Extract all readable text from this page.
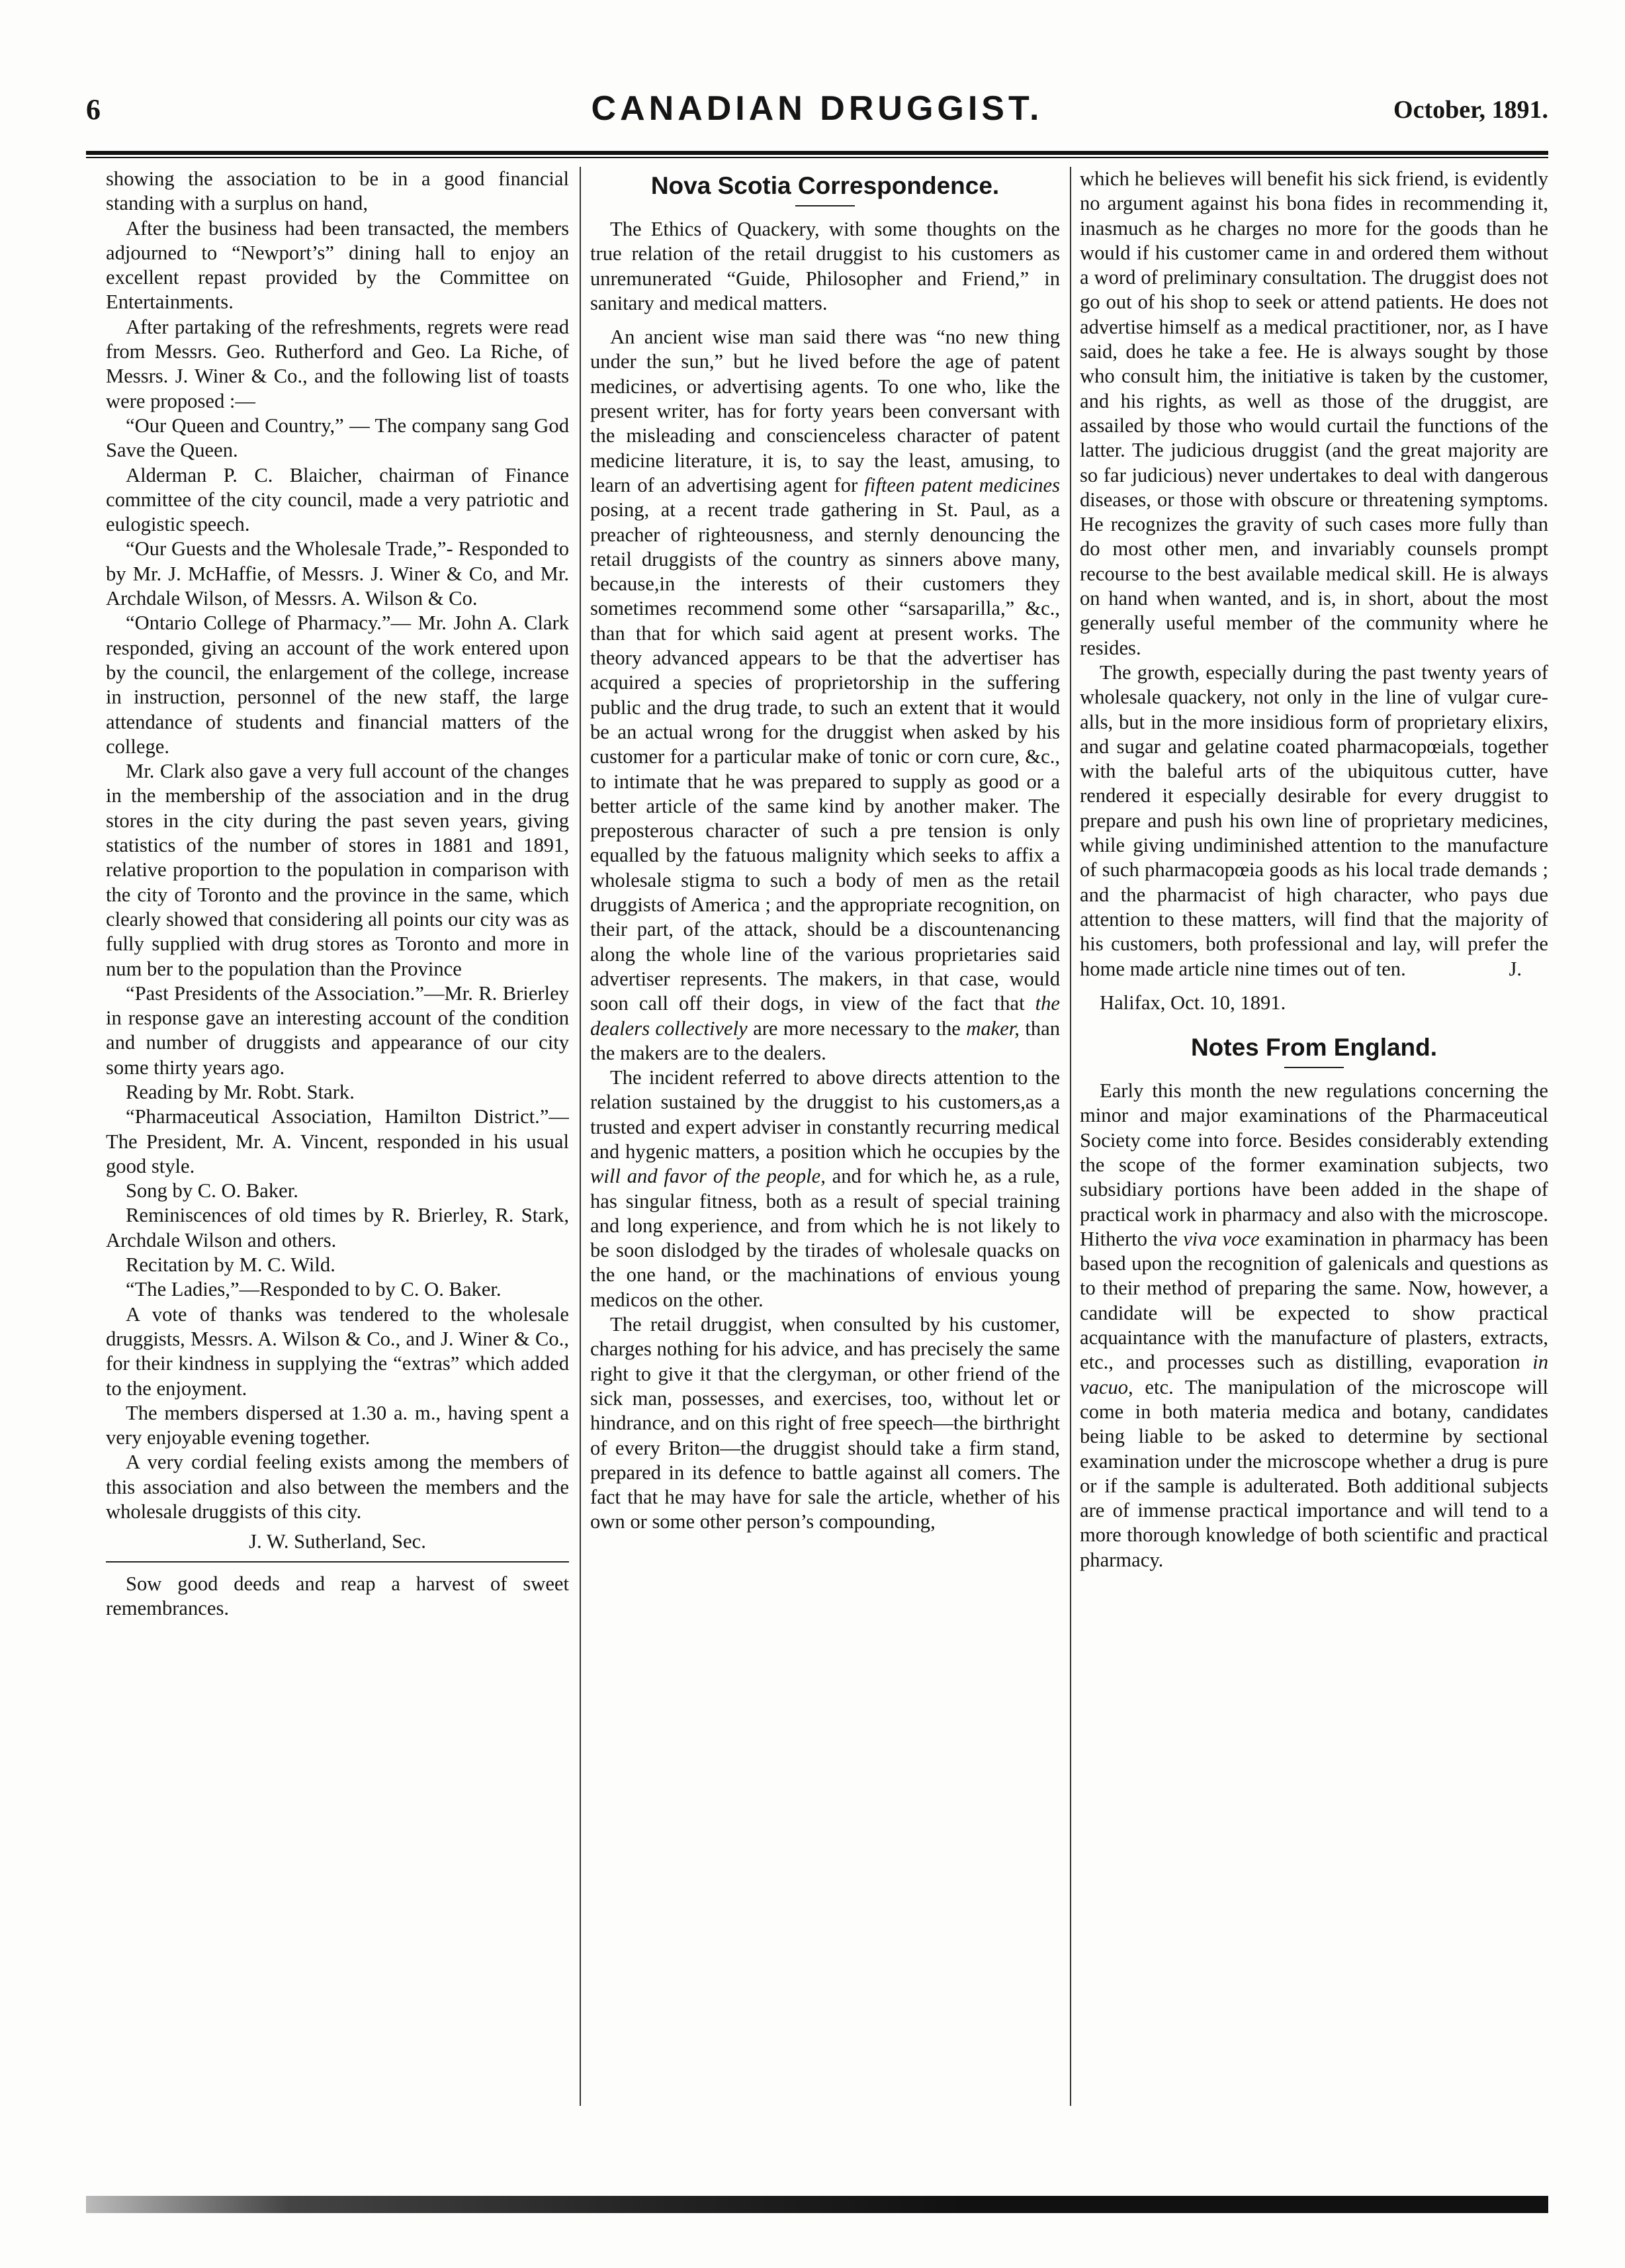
6	CANADIAN DRUGGIST.	October, 1891.

showing the association to be in a good financial standing with a surplus on hand,

After the business had been transacted, the members adjourned to “Newport’s” dining hall to enjoy an excellent repast provided by the Committee on Entertainments.

After partaking of the refreshments, regrets were read from Messrs. Geo. Rutherford and Geo. La Riche, of Messrs. J. Winer & Co., and the following list of toasts were proposed :—

“Our Queen and Country,” — The company sang God Save the Queen.

Alderman P. C. Blaicher, chairman of Finance committee of the city council, made a very patriotic and eulogistic speech.

“Our Guests and the Wholesale Trade,”- Responded to by Mr. J. McHaffie, of Messrs. J. Winer & Co, and Mr. Archdale Wilson, of Messrs. A. Wilson & Co.

“Ontario College of Pharmacy.”— Mr. John A. Clark responded, giving an account of the work entered upon by the council, the enlargement of the college, increase in instruction, personnel of the new staff, the large attendance of students and financial matters of the college.

Mr. Clark also gave a very full account of the changes in the membership of the association and in the drug stores in the city during the past seven years, giving statistics of the number of stores in 1881 and 1891, relative proportion to the population in comparison with the city of Toronto and the province in the same, which clearly showed that considering all points our city was as fully supplied with drug stores as Toronto and more in num ber to the population than the Province

“Past Presidents of the Association.”—Mr. R. Brierley in response gave an interesting account of the condition and number of druggists and appearance of our city some thirty years ago.

Reading by Mr. Robt. Stark.

“Pharmaceutical Association, Hamilton District.”—The President, Mr. A. Vincent, responded in his usual good style.

Song by C. O. Baker.

Reminiscences of old times by R. Brierley, R. Stark, Archdale Wilson and others.

Recitation by M. C. Wild.

“The Ladies,”—Responded to by C. O. Baker.

A vote of thanks was tendered to the wholesale druggists, Messrs. A. Wilson & Co., and J. Winer & Co., for their kindness in supplying the “extras” which added to the enjoyment.

The members dispersed at 1.30 a. m., having spent a very enjoyable evening together.

A very cordial feeling exists among the members of this association and also between the members and the wholesale druggists of this city.

J. W. Sutherland, Sec.

Sow good deeds and reap a harvest of sweet remembrances.

Nova Scotia Correspondence.

The Ethics of Quackery, with some thoughts on the true relation of the retail druggist to his customers as unremunerated “Guide, Philosopher and Friend,” in sanitary and medical matters.

An ancient wise man said there was “no new thing under the sun,” but he lived before the age of patent medicines, or advertising agents. To one who, like the present writer, has for forty years been conversant with the misleading and conscienceless character of patent medicine literature, it is, to say the least, amusing, to learn of an advertising agent for fifteen patent medicines posing, at a recent trade gathering in St. Paul, as a preacher of righteousness, and sternly denouncing the retail druggists of the country as sinners above many, because,in the interests of their customers they sometimes recommend some other “sarsaparilla,” &c., than that for which said agent at present works. The theory advanced appears to be that the advertiser has acquired a species of proprietorship in the suffering public and the drug trade, to such an extent that it would be an actual wrong for the druggist when asked by his customer for a particular make of tonic or corn cure, &c., to intimate that he was prepared to supply as good or a better article of the same kind by another maker. The preposterous character of such a pre tension is only equalled by the fatuous malignity which seeks to affix a wholesale stigma to such a body of men as the retail druggists of America ; and the appropriate recognition, on their part, of the attack, should be a discountenancing along the whole line of the various proprietaries said advertiser represents. The makers, in that case, would soon call off their dogs, in view of the fact that the dealers collectively are more necessary to the maker, than the makers are to the dealers.

The incident referred to above directs attention to the relation sustained by the druggist to his customers,as a trusted and expert adviser in constantly recurring medical and hygenic matters, a position which he occupies by the will and favor of the people, and for which he, as a rule, has singular fitness, both as a result of special training and long experience, and from which he is not likely to be soon dislodged by the tirades of wholesale quacks on the one hand, or the machinations of envious young medicos on the other.

The retail druggist, when consulted by his customer, charges nothing for his advice, and has precisely the same right to give it that the clergyman, or other friend of the sick man, possesses, and exercises, too, without let or hindrance, and on this right of free speech—the birthright of every Briton—the druggist should take a firm stand, prepared in its defence to battle against all comers. The fact that he may have for sale the article, whether of his own or some other person’s compounding,

which he believes will benefit his sick friend, is evidently no argument against his bona fides in recommending it, inasmuch as he charges no more for the goods than he would if his customer came in and ordered them without a word of preliminary consultation. The druggist does not go out of his shop to seek or attend patients. He does not advertise himself as a medical practitioner, nor, as I have said, does he take a fee. He is always sought by those who consult him, the initiative is taken by the customer, and his rights, as well as those of the druggist, are assailed by those who would curtail the functions of the latter. The judicious druggist (and the great majority are so far judicious) never undertakes to deal with dangerous diseases, or those with obscure or threatening symptoms. He recognizes the gravity of such cases more fully than do most other men, and invariably counsels prompt recourse to the best available medical skill. He is always on hand when wanted, and is, in short, about the most generally useful member of the community where he resides.

The growth, especially during the past twenty years of wholesale quackery, not only in the line of vulgar cure-alls, but in the more insidious form of proprietary elixirs, and sugar and gelatine coated pharmacopœials, together with the baleful arts of the ubiquitous cutter, have rendered it especially desirable for every druggist to prepare and push his own line of proprietary medicines, while giving undiminished attention to the manufacture of such pharmacopœia goods as his local trade demands ; and the pharmacist of high character, who pays due attention to these matters, will find that the majority of his customers, both professional and lay, will prefer the home made article nine times out of ten.	J.

Halifax, Oct. 10, 1891.

Notes From England.

Early this month the new regulations concerning the minor and major examinations of the Pharmaceutical Society come into force. Besides considerably extending the scope of the former examination subjects, two subsidiary portions have been added in the shape of practical work in pharmacy and also with the microscope. Hitherto the viva voce examination in pharmacy has been based upon the recognition of galenicals and questions as to their method of preparing the same. Now, however, a candidate will be expected to show practical acquaintance with the manufacture of plasters, extracts, etc., and processes such as distilling, evaporation in vacuo, etc. The manipulation of the microscope will come in both materia medica and botany, candidates being liable to be asked to determine by sectional examination under the microscope whether a drug is pure or if the sample is adulterated. Both additional subjects are of immense practical importance and will tend to a more thorough knowledge of both scientific and practical pharmacy.
